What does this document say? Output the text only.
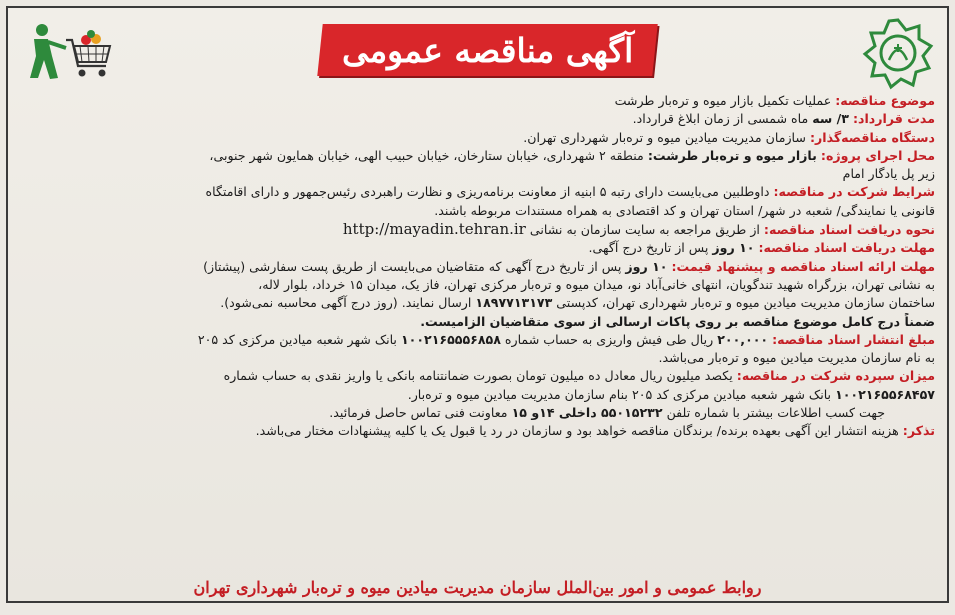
آگهی مناقصه عمومی
موضوع مناقصه: عملیات تکمیل بازار میوه و تره‌بار طرشت
مدت قرارداد: ۳/ سه ماه شمسی از زمان ابلاغ قرارداد.
دستگاه مناقصه‌گذار: سازمان مدیریت میادین میوه و تره‌بار شهرداری تهران.
محل اجرای پروژه: بازار میوه و تره‌بار طرشت: منطقه ۲ شهرداری، خیابان ستارخان، خیابان حبیب الهی، خیابان همایون شهر جنوبی،
زیر پل یادگار امام
شرایط شرکت در مناقصه: داوطلبین می‌بایست دارای رتبه ۵ ابنیه از معاونت برنامه‌ریزی و نظارت راهبردی رئیس‌جمهور و دارای اقامتگاه
قانونی یا نمایندگی/ شعبه در شهر/ استان تهران و کد اقتصادی به همراه مستندات مربوطه باشند.
نحوه دریافت اسناد مناقصه: از طریق مراجعه به سایت سازمان به نشانی http://mayadin.tehran.ir
مهلت دریافت اسناد مناقصه: ۱۰ روز پس از تاریخ درج آگهی.
مهلت ارائه اسناد مناقصه و پیشنهاد قیمت: ۱۰ روز پس از تاریخ درج آگهی که متقاضیان می‌بایست از طریق پست سفارشی (پیشتاز)
به نشانی تهران، بزرگراه شهید تندگویان، انتهای خانی‌آباد نو، میدان میوه و تره‌بار مرکزی تهران، فاز یک، میدان ۱۵ خرداد، بلوار لاله،
ساختمان سازمان مدیریت میادین میوه و تره‌بار شهرداری تهران، کدپستی ۱۸۹۷۷۱۳۱۷۳ ارسال نمایند. (روز درج آگهی محاسبه نمی‌شود).
ضمناً درج کامل موضوع مناقصه بر روی پاکات ارسالی از سوی متقاضیان الزامیست.
مبلغ انتشار اسناد مناقصه: ۲۰۰,۰۰۰ ریال طی فیش واریزی به حساب شماره ۱۰۰۲۱۶۵۵۵۶۸۵۸ بانک شهر شعبه میادین مرکزی کد ۲۰۵
به نام سازمان مدیریت میادین میوه و تره‌بار می‌باشد.
میزان سپرده شرکت در مناقصه: یکصد میلیون ریال معادل ده میلیون تومان بصورت ضمانتنامه بانکی یا واریز نقدی به حساب شماره
۱۰۰۲۱۶۵۵۶۸۴۵۷ بانک شهر شعبه میادین مرکزی کد ۲۰۵ بنام سازمان مدیریت میادین میوه و تره‌بار.
جهت کسب اطلاعات بیشتر با شماره تلفن ۵۵۰۱۵۲۳۲ داخلی ۱۴و ۱۵ معاونت فنی تماس حاصل فرمائید.
تذکر: هزینه انتشار این آگهی بعهده برنده/ برندگان مناقصه خواهد بود و سازمان در رد یا قبول یک یا کلیه پیشنهادات مختار می‌باشد.
روابط عمومی و امور بین‌الملل سازمان مدیریت میادین میوه و تره‌بار شهرداری تهران
